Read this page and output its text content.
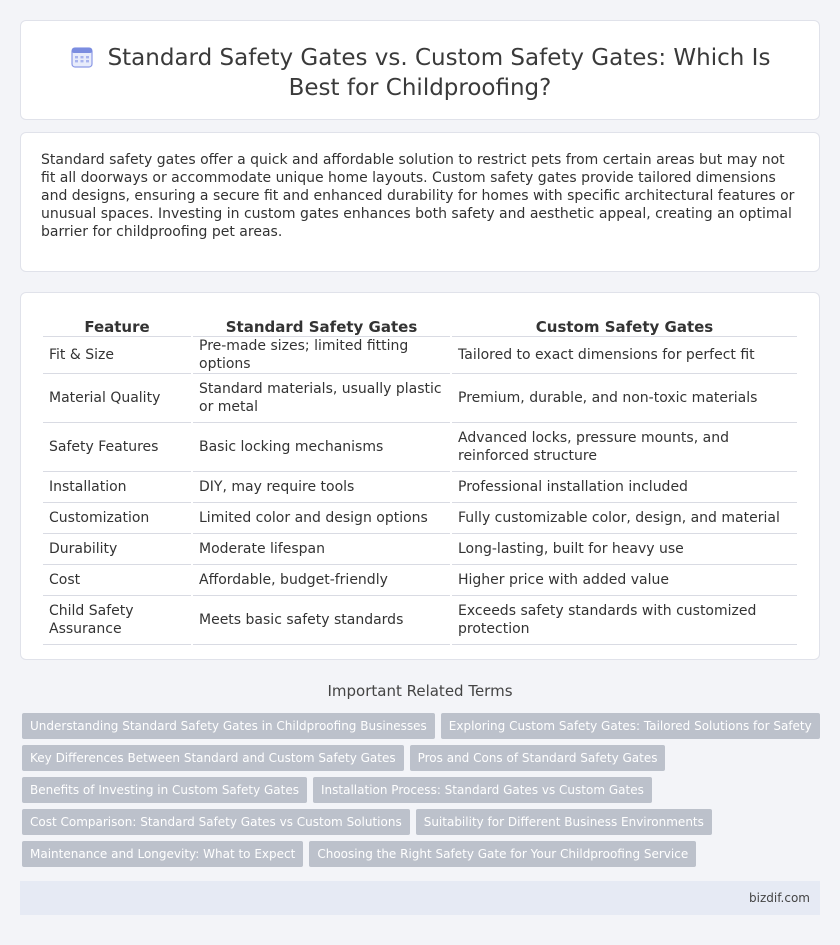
Standard Safety Gates vs. Custom Safety Gates: Which Is Best for Childproofing?

Standard safety gates offer a quick and affordable solution to restrict pets from certain areas but may not fit all doorways or accommodate unique home layouts. Custom safety gates provide tailored dimensions and designs, ensuring a secure fit and enhanced durability for homes with specific architectural features or unusual spaces. Investing in custom gates enhances both safety and aesthetic appeal, creating an optimal barrier for childproofing pet areas.

Feature	Standard Safety Gates	Custom Safety Gates
Fit & Size	Pre-made sizes; limited fitting options	Tailored to exact dimensions for perfect fit
Material Quality	Standard materials, usually plastic or metal	Premium, durable, and non-toxic materials
Safety Features	Basic locking mechanisms	Advanced locks, pressure mounts, and reinforced structure
Installation	DIY, may require tools	Professional installation included
Customization	Limited color and design options	Fully customizable color, design, and material
Durability	Moderate lifespan	Long-lasting, built for heavy use
Cost	Affordable, budget-friendly	Higher price with added value
Child Safety Assurance	Meets basic safety standards	Exceeds safety standards with customized protection
Important Related Terms
Understanding Standard Safety Gates in Childproofing Businesses Exploring Custom Safety Gates: Tailored Solutions for Safety
Key Differences Between Standard and Custom Safety Gates Pros and Cons of Standard Safety Gates
Benefits of Investing in Custom Safety Gates Installation Process: Standard Gates vs Custom Gates
Cost Comparison: Standard Safety Gates vs Custom Solutions Suitability for Different Business Environments
Maintenance and Longevity: What to Expect Choosing the Right Safety Gate for Your Childproofing Service
bizdif.com
